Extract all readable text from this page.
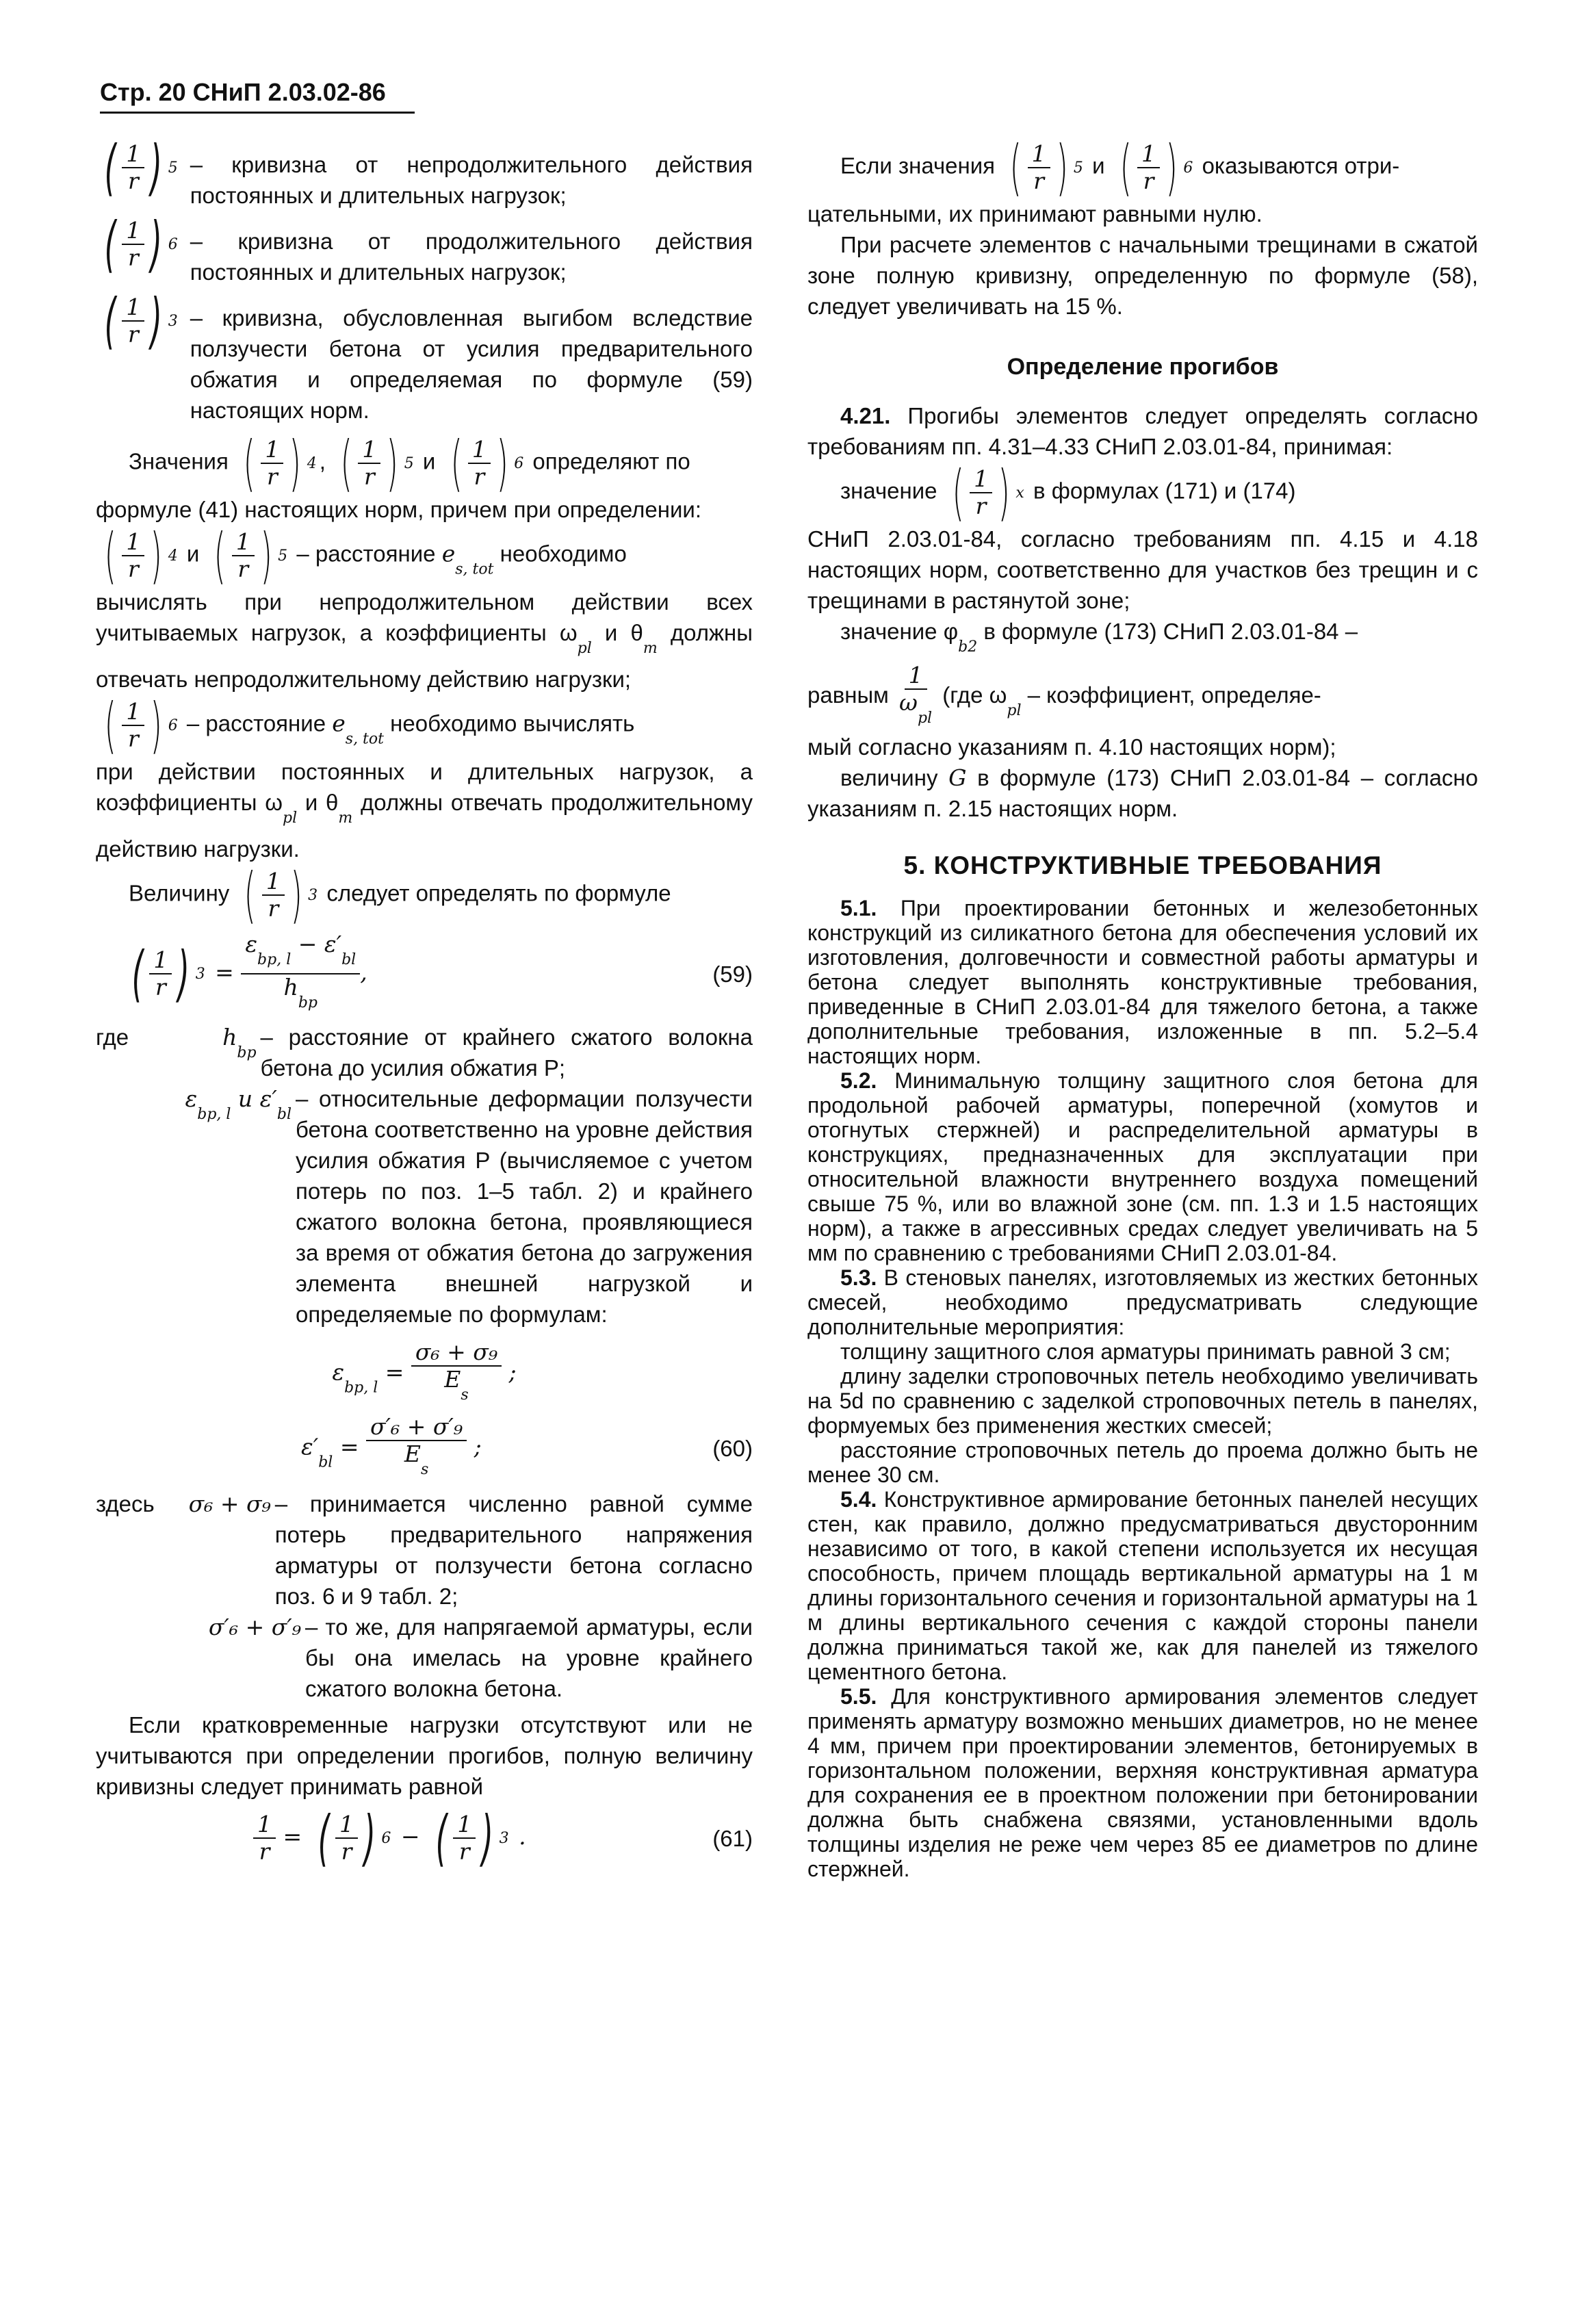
Стр. 20 СНиП 2.03.02-86
( $\frac{1}{r}$ ) 5 – кривизна от непродолжительного действия постоянных и длительных нагрузок;
( $\frac{1}{r}$ ) 6 – кривизна от продолжительного действия постоянных и длительных нагрузок;
( $\frac{1}{r}$ ) 3 – кривизна, обусловленная выгибом вследствие ползучести бетона от усилия предварительного обжатия и определяемая по формуле (59) настоящих норм.

Значения ( $\frac{1}{r}$ ) 4 , ( $\frac{1}{r}$ ) 5 и ( $\frac{1}{r}$ ) 6 определяют по

формуле (41) настоящих норм, причем при определении:

( $\frac{1}{r}$ ) 4 и ( $\frac{1}{r}$ ) 5 – расстояние $e_{s, tot}$ необходимо

вычислять при непродолжительном действии всех учитываемых нагрузок, а коэффициенты $\omega_{pl}$ и $\theta_m$ должны отвечать непродолжительному действию нагрузки;

( $\frac{1}{r}$ ) 6 – расстояние $e_{s, tot}$ необходимо вычислять

при действии постоянных и длительных нагрузок, а коэффициенты $\omega_{pl}$ и $\theta_m$ должны отвечать продолжительному действию нагрузки.

Величину ( $\frac{1}{r}$ ) 3 следует определять по формуле

( $\frac{1}{r}$ ) $3 = \frac{\varepsilon_{bp, l} - \varepsilon'_{bl}}{h_{bp}}$ ,	(59)
где	$h_{bp}$
– расстояние от крайнего сжатого волокна бетона до усилия обжатия P;
$\varepsilon_{bp, l}$ и $\varepsilon'_{bl}$
– относительные деформации ползучести бетона соответственно на уровне действия усилия обжатия P (вычисляемое с учетом потерь по поз. 1–5 табл. 2) и крайнего сжатого волокна бетона, проявляющиеся за время от обжатия бетона до загружения элемента внешней нагрузкой и определяемые по формулам:
$\varepsilon_{bp, l} = \frac{\text{σ₆ + σ₉}}{E_s}$ ;
$\varepsilon'_{bl} = \frac{\text{σ′₆ + σ′₉}}{E_s}$ ;	(60)
здесь	σ₆ + σ₉ – принимается численно равной сумме потерь предварительного напряжения арматуры от ползучести бетона согласно поз. 6 и 9 табл. 2;
σ′₆ + σ′₉ – то же, для напрягаемой арматуры, если бы она имелась на уровне крайнего сжатого волокна бетона.

Если кратковременные нагрузки отсутствуют или не учитываются при определении прогибов, полную величину кривизны следует принимать равной

$\frac{1}{r}$ = ( $\frac{1}{r}$ ) 6 − ( $\frac{1}{r}$ ) 3 .	(61)

Если значения ( $\frac{1}{r}$ ) 5 и ( $\frac{1}{r}$ ) 6 оказываются отри-

цательными, их принимают равными нулю.

При расчете элементов с начальными трещинами в сжатой зоне полную кривизну, определенную по формуле (58), следует увеличивать на 15 %.

Определение прогибов

4.21. Прогибы элементов следует определять согласно требованиям пп. 4.31–4.33 СНиП 2.03.01-84, принимая:

значение ( $\frac{1}{r}$ ) x в формулах (171) и (174)

СНиП 2.03.01-84, согласно требованиям пп. 4.15 и 4.18 настоящих норм, соответственно для участков без трещин и с трещинами в растянутой зоне;

значение $\varphi_{b2}$ в формуле (173) СНиП 2.03.01-84 –

равным $\frac{1}{\omega_{pl}} (где$ $\omega_{pl}$ – коэффициент, определяе-

мый согласно указаниям п. 4.10 настоящих норм);

величину G в формуле (173) СНиП 2.03.01-84 – согласно указаниям п. 2.15 настоящих норм.

5. КОНСТРУКТИВНЫЕ ТРЕБОВАНИЯ

5.1. При проектировании бетонных и железобетонных конструкций из силикатного бетона для обеспечения условий их изготовления, долговечности и совместной работы арматуры и бетона следует выполнять конструктивные требования, приведенные в СНиП 2.03.01-84 для тяжелого бетона, а также дополнительные требования, изложенные в пп. 5.2–5.4 настоящих норм.

5.2. Минимальную толщину защитного слоя бетона для продольной рабочей арматуры, поперечной (хомутов и отогнутых стержней) и распределительной арматуры в конструкциях, предназначенных для эксплуатации при относительной влажности внутреннего воздуха помещений свыше 75 %, или во влажной зоне (см. пп. 1.3 и 1.5 настоящих норм), а также в агрессивных средах следует увеличивать на 5 мм по сравнению с требованиями СНиП 2.03.01-84.

5.3. В стеновых панелях, изготовляемых из жестких бетонных смесей, необходимо предусматривать следующие дополнительные мероприятия:

толщину защитного слоя арматуры принимать равной 3 см;

длину заделки строповочных петель необходимо увеличивать на 5d по сравнению с заделкой строповочных петель в панелях, формуемых без применения жестких смесей;

расстояние строповочных петель до проема должно быть не менее 30 см.

5.4. Конструктивное армирование бетонных панелей несущих стен, как правило, должно предусматриваться двусторонним независимо от того, в какой степени используется их несущая способность, причем площадь вертикальной арматуры на 1 м длины горизонтального сечения и горизонтальной арматуры на 1 м длины вертикального сечения с каждой стороны панели должна приниматься такой же, как для панелей из тяжелого цементного бетона.

5.5. Для конструктивного армирования элементов следует применять арматуру возможно меньших диаметров, но не менее 4 мм, причем при проектировании элементов, бетонируемых в горизонтальном положении, верхняя конструктивная арматура для сохранения ее в проектном положении при бетонировании должна быть снабжена связями, установленными вдоль толщины изделия не реже чем через 85 ее диаметров по длине стержней.
